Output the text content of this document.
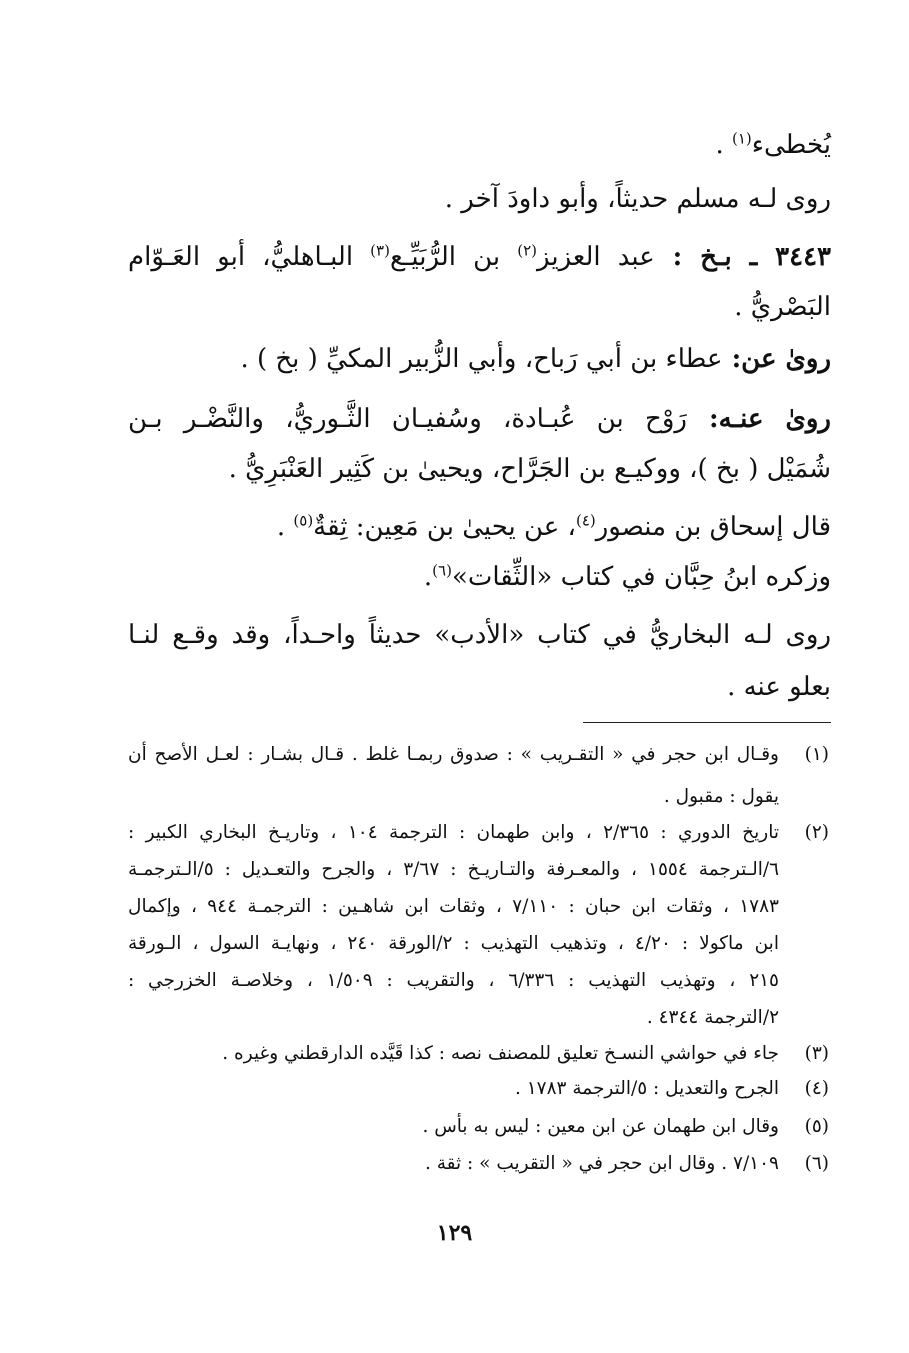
يُخطىء$^{(١)}$ .
روى لـه مسلم حديثاً، وأبو داودَ آخر .
٣٤٤٣ ـ بـخ : عبد العزيز$^{(٢)}$ بن الرُّبَيِّـع$^{(٣)}$ البـاهليُّ، أبو العَـوّام
البَصْريُّ .
روىٰ عن: عطاء بن أبي رَباح، وأبي الزُّبير المكيِّ ( بخ ) .
روىٰ عنـه: رَوْح بن عُبـادة، وسُفيـان الثَّـوريُّ، والنَّضْـر بـن
شُمَيْل ( بخ )، ووكيـع بن الجَرَّاح، ويحيىٰ بن كَثِير العَنْبَرِيُّ .
قال إسحاق بن منصور$^{(٤)}$، عن يحيىٰ بن مَعِين: ثِقةٌ$^{(٥)}$ .
وزكره ابنُ حِبَّان في كتاب «الثِّقات»$^{(٦)}$.
روى لـه البخاريُّ في كتاب «الأدب» حديثاً واحـداً، وقد وقـع لنـا
بعلو عنه .
(١)
وقـال ابن حجر في « التقـريب » : صدوق ربمـا غلط . قـال بشـار : لعـل الأصح أن
يقول : مقبول .
(٢)
تاريخ الدوري : ٢/٣٦٥ ، وابن طهمان : الترجمة ١٠٤ ، وتاريـخ البخاري الكبير :
٦/الـترجمة ١٥٥٤ ، والمعـرفة والتـاريـخ : ٣/٦٧ ، والجرح والتعـديل : ٥/الـترجمـة
١٧٨٣ ، وثقات ابن حبان : ٧/١١٠ ، وثقات ابن شاهـين : الترجمـة ٩٤٤ ، وإكمال
ابن ماكولا : ٤/٢٠ ، وتذهيب التهذيب : ٢/الورقة ٢٤٠ ، ونهايـة السول ، الـورقة
٢١٥ ، وتهذيب التهذيب : ٦/٣٣٦ ، والتقريب : ١/٥٠٩ ، وخلاصـة الخزرجي :
٢/الترجمة ٤٣٤٤ .
(٣)
جاء في حواشي النسـخ تعليق للمصنف نصه : كذا قَيَّده الدارقطني وغيره .
(٤)
الجرح والتعديل : ٥/الترجمة ١٧٨٣ .
(٥)
وقال ابن طهمان عن ابن معين : ليس به بأس .
(٦)
٧/١٠٩ . وقال ابن حجر في « التقريب » : ثقة .
١٢٩
